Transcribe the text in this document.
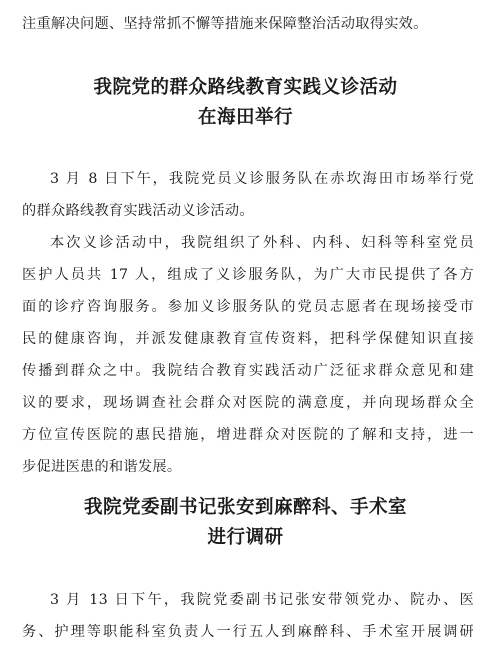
注重解决问题、坚持常抓不懈等措施来保障整治活动取得实效。
我院党的群众路线教育实践义诊活动
在海田举行
3 月 8 日下午，我院党员义诊服务队在赤坎海田市场举行党
的群众路线教育实践活动义诊活动。
本次义诊活动中，我院组织了外科、内科、妇科等科室党员
医护人员共 17 人，组成了义诊服务队，为广大市民提供了各方
面的诊疗咨询服务。参加义诊服务队的党员志愿者在现场接受市
民的健康咨询，并派发健康教育宣传资料，把科学保健知识直接
传播到群众之中。我院结合教育实践活动广泛征求群众意见和建
议的要求，现场调查社会群众对医院的满意度，并向现场群众全
方位宣传医院的惠民措施，增进群众对医院的了解和支持，进一
步促进医患的和谐发展。
我院党委副书记张安到麻醉科、手术室
进行调研
3 月 13 日下午，我院党委副书记张安带领党办、院办、医
务、护理等职能科室负责人一行五人到麻醉科、手术室开展调研
